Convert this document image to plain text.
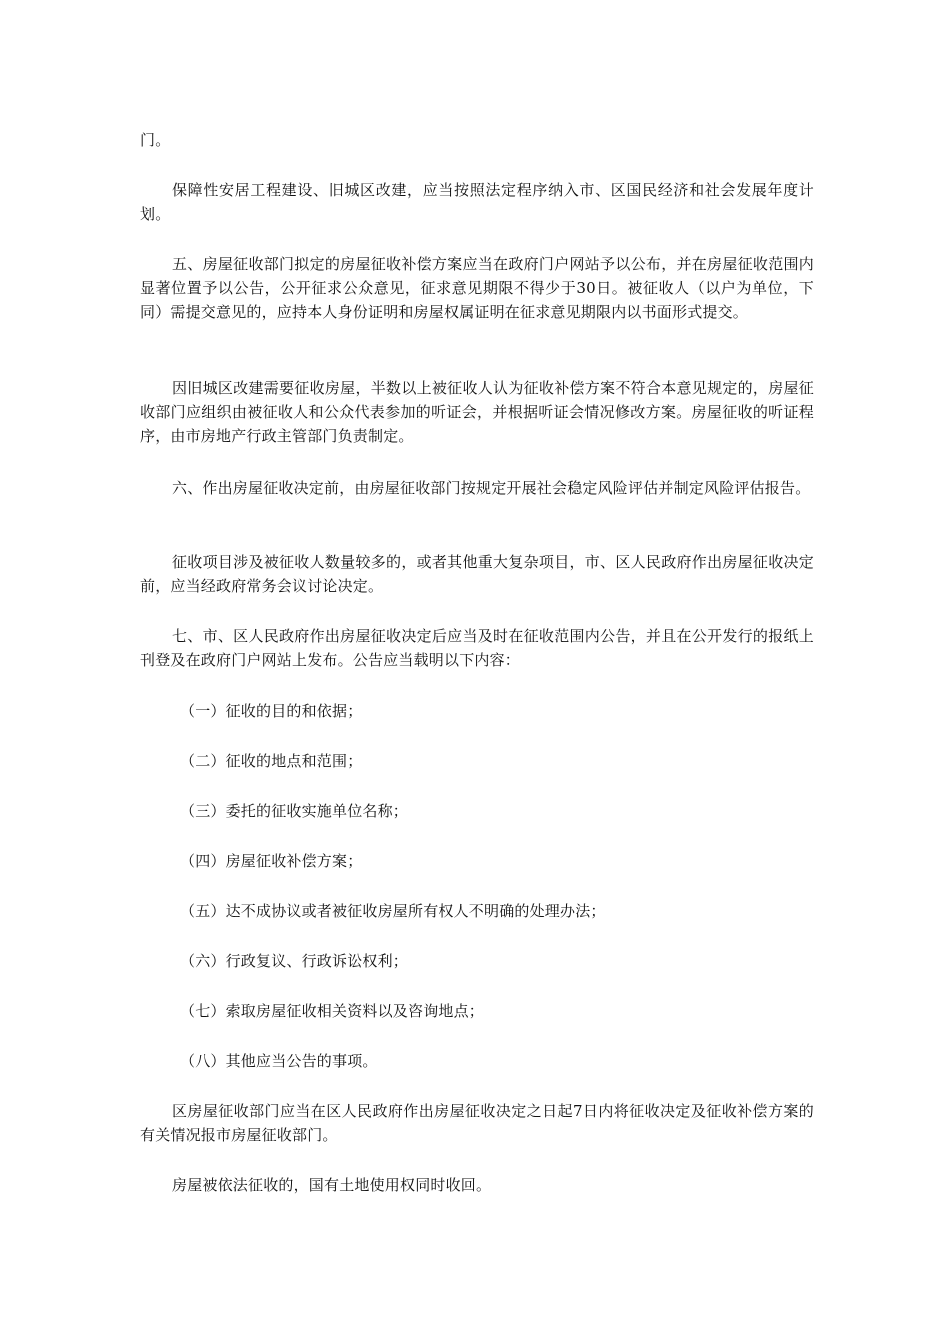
门。

保障性安居工程建设、旧城区改建，应当按照法定程序纳入市、区国民经济和社会发展年度计划。

五、房屋征收部门拟定的房屋征收补偿方案应当在政府门户网站予以公布，并在房屋征收范围内显著位置予以公告，公开征求公众意见，征求意见期限不得少于30日。被征收人（以户为单位，下同）需提交意见的，应持本人身份证明和房屋权属证明在征求意见期限内以书面形式提交。

因旧城区改建需要征收房屋，半数以上被征收人认为征收补偿方案不符合本意见规定的，房屋征收部门应组织由被征收人和公众代表参加的听证会，并根据听证会情况修改方案。房屋征收的听证程序，由市房地产行政主管部门负责制定。

六、作出房屋征收决定前，由房屋征收部门按规定开展社会稳定风险评估并制定风险评估报告。

征收项目涉及被征收人数量较多的，或者其他重大复杂项目，市、区人民政府作出房屋征收决定前，应当经政府常务会议讨论决定。

七、市、区人民政府作出房屋征收决定后应当及时在征收范围内公告，并且在公开发行的报纸上刊登及在政府门户网站上发布。公告应当载明以下内容：

（一）征收的目的和依据；

（二）征收的地点和范围；

（三）委托的征收实施单位名称；

（四）房屋征收补偿方案；

（五）达不成协议或者被征收房屋所有权人不明确的处理办法；

（六）行政复议、行政诉讼权利；

（七）索取房屋征收相关资料以及咨询地点；

（八）其他应当公告的事项。

区房屋征收部门应当在区人民政府作出房屋征收决定之日起7日内将征收决定及征收补偿方案的有关情况报市房屋征收部门。

房屋被依法征收的，国有土地使用权同时收回。
